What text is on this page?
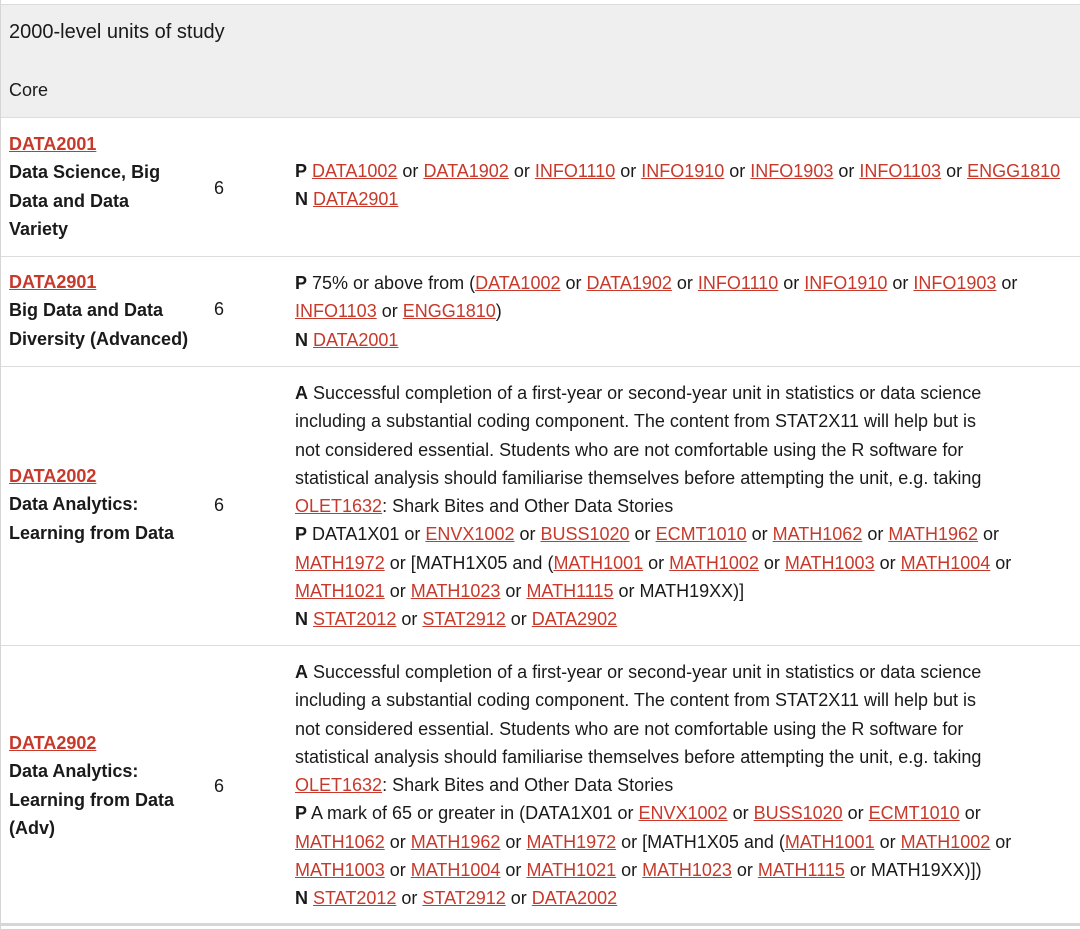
2000-level units of study
Core
DATA2001
Data Science, Big
Data and Data
Variety
6
P DATA1002 or DATA1902 or INFO1110 or INFO1910 or INFO1903 or INFO1103 or ENGG1810
N DATA2901
DATA2901
Big Data and Data
Diversity (Advanced)
6
P 75% or above from (DATA1002 or DATA1902 or INFO1110 or INFO1910 or INFO1903 or
INFO1103 or ENGG1810)
N DATA2001
DATA2002
Data Analytics:
Learning from Data
6
A Successful completion of a first-year or second-year unit in statistics or data science
including a substantial coding component. The content from STAT2X11 will help but is
not considered essential. Students who are not comfortable using the R software for
statistical analysis should familiarise themselves before attempting the unit, e.g. taking
OLET1632: Shark Bites and Other Data Stories
P DATA1X01 or ENVX1002 or BUSS1020 or ECMT1010 or MATH1062 or MATH1962 or
MATH1972 or [MATH1X05 and (MATH1001 or MATH1002 or MATH1003 or MATH1004 or
MATH1021 or MATH1023 or MATH1115 or MATH19XX)]
N STAT2012 or STAT2912 or DATA2902
DATA2902
Data Analytics:
Learning from Data
(Adv)
6
A Successful completion of a first-year or second-year unit in statistics or data science
including a substantial coding component. The content from STAT2X11 will help but is
not considered essential. Students who are not comfortable using the R software for
statistical analysis should familiarise themselves before attempting the unit, e.g. taking
OLET1632: Shark Bites and Other Data Stories
P A mark of 65 or greater in (DATA1X01 or ENVX1002 or BUSS1020 or ECMT1010 or
MATH1062 or MATH1962 or MATH1972 or [MATH1X05 and (MATH1001 or MATH1002 or
MATH1003 or MATH1004 or MATH1021 or MATH1023 or MATH1115 or MATH19XX)])
N STAT2012 or STAT2912 or DATA2002
